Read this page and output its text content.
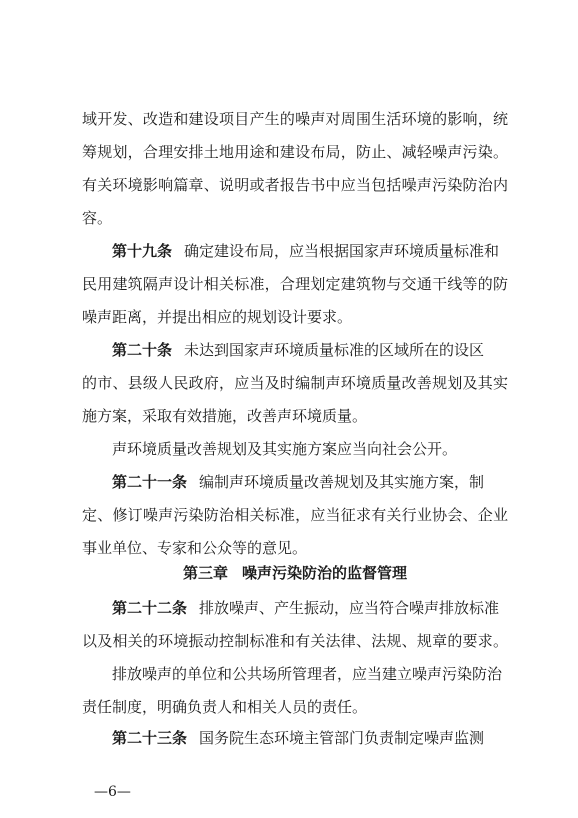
域开发、改造和建设项目产生的噪声对周围生活环境的影响，统
筹规划，合理安排土地用途和建设布局，防止、减轻噪声污染。
有关环境影响篇章、说明或者报告书中应当包括噪声污染防治内
容。
第十九条 确定建设布局，应当根据国家声环境质量标准和
民用建筑隔声设计相关标准，合理划定建筑物与交通干线等的防
噪声距离，并提出相应的规划设计要求。
第二十条 未达到国家声环境质量标准的区域所在的设区
的市、县级人民政府，应当及时编制声环境质量改善规划及其实
施方案，采取有效措施，改善声环境质量。
声环境质量改善规划及其实施方案应当向社会公开。
第二十一条 编制声环境质量改善规划及其实施方案，制
定、修订噪声污染防治相关标准，应当征求有关行业协会、企业
事业单位、专家和公众等的意见。
第三章 噪声污染防治的监督管理
第二十二条 排放噪声、产生振动，应当符合噪声排放标准
以及相关的环境振动控制标准和有关法律、法规、规章的要求。
排放噪声的单位和公共场所管理者，应当建立噪声污染防治
责任制度，明确负责人和相关人员的责任。
第二十三条 国务院生态环境主管部门负责制定噪声监测
—6—
